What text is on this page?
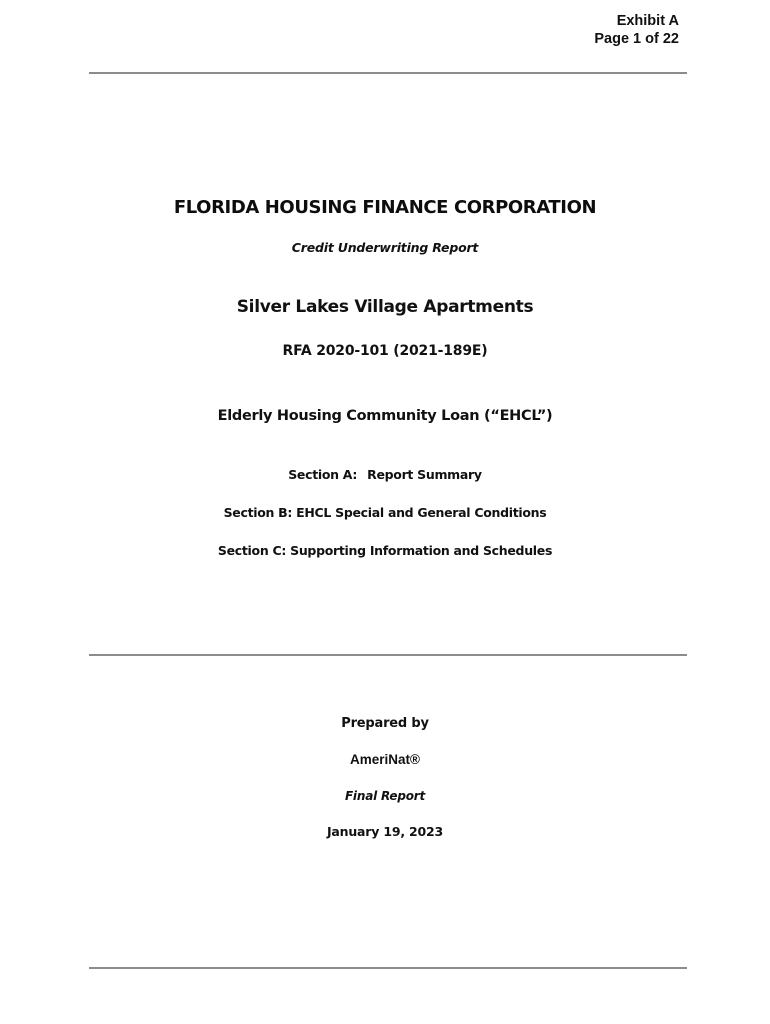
Exhibit A
Page 1 of 22
FLORIDA HOUSING FINANCE CORPORATION
Credit Underwriting Report
Silver Lakes Village Apartments
RFA 2020-101 (2021-189E)
Elderly Housing Community Loan (“EHCL”)
Section A: Report Summary
Section B: EHCL Special and General Conditions
Section C: Supporting Information and Schedules
Prepared by
AmeriNat®
Final Report
January 19, 2023
